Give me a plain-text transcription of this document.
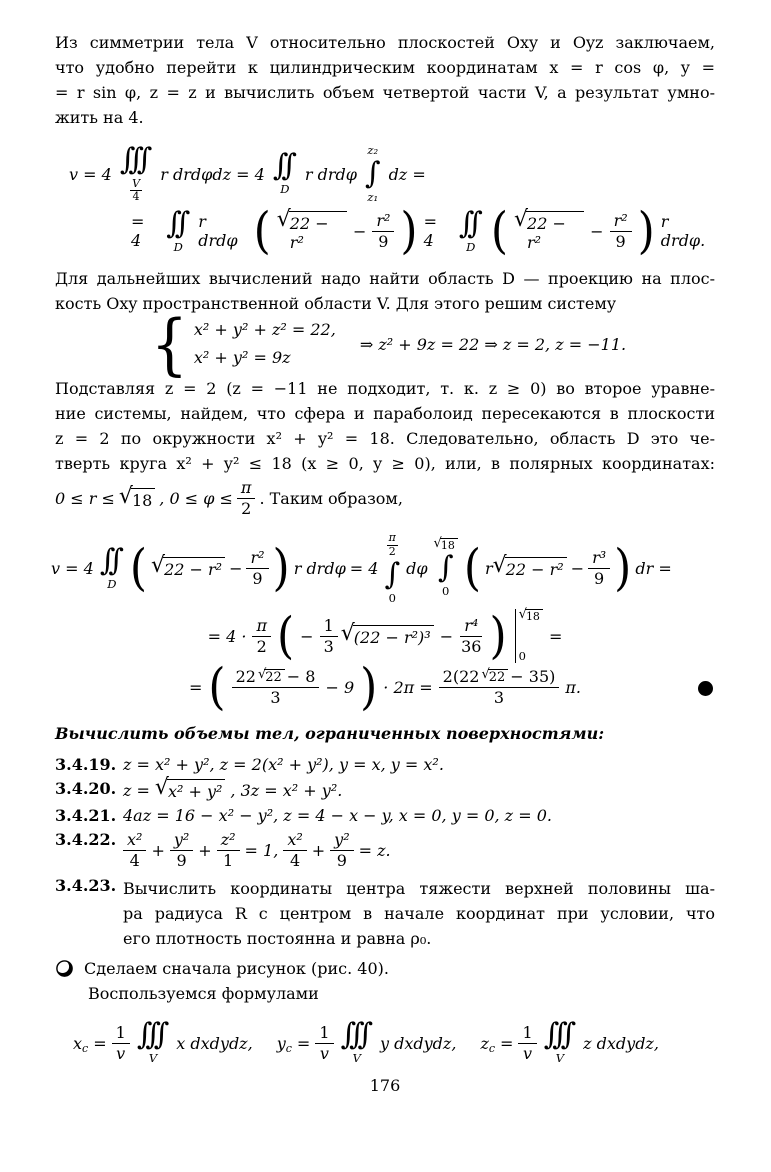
Из симметрии тела V относительно плоскостей Oxy и Oyz заключаем,
что удобно перейти к цилиндрическим координатам x = r cos φ, y =
= r sin φ, z = z и вычислить объем четвертой части V, а результат умно-
жить на 4.
v = 4 ∫∫∫
$\frac{V}{4}$
r drdφdz = 4 ∫∫
D
r drdφ
z₂
∫
z₁
dz =
= 4
∫∫
D
r drdφ ( √ 22 − r²
− $\frac{\text{r²}}{9}$ ) = 4
∫∫
D ( √ 22 − r²
− $\frac{\text{r²}}{9}$ ) r drdφ.
Для дальнейших вычислений надо найти область D — проекцию на плос-
кость Oxy пространственной области V. Для этого решим систему
{ x² + y² + z² = 22,
x² + y² = 9z
⇒ z² + 9z = 22 ⇒ z = 2, z = −11.
Подставляя z = 2 (z = −11 не подходит, т. к. z ≥ 0) во второе уравне-
ние системы, найдем, что сфера и параболоид пересекаются в плоскости
z = 2 по окружности x² + y² = 18. Следовательно, область D это че-
тверть круга x² + y² ≤ 18 (x ≥ 0, y ≥ 0), или, в полярных координатах:
0 ≤ r ≤ √ 18 , $0 \le \varphi \le \frac{\pi}{2}$ . Таким образом,
v = 4 ∫∫
D ( √ $22 - r^2 - \frac{\text{r²}}{9}$ ) r drdφ = 4
$\frac{\pi}{2}$
∫
0
dφ
√ 18
∫
0 ( r √ $22 - r^2 - \frac{\text{r³}}{9}$ ) dr =
= $4 \cdot \frac{\pi}{2}$ ( − $\frac{1}{3}$ √ $(22 - r^2)^3 - \frac{\text{r⁴}}{36}$ ) √ 18
0
=
= ( $\frac{22 √ 22 - 8}{3} - 9$ ) · $2\pi = \frac{2(22 √ 22 - 35)}{3} \pi$.
Вычислить объемы тел, ограниченных поверхностями:
3.4.19. z = x² + y², z = 2(x² + y²), y = x, y = x².
3.4.20. z = √ x² + y² , 3z = x² + y².
3.4.21. 4az = 16 − x² − y², z = 4 − x − y, x = 0, y = 0, z = 0.
3.4.22. $\frac{\text{x²}}{4} + \frac{\text{y²}}{9} + \frac{\text{z²}}{1} = 1$, $\frac{\text{x²}}{4} + \frac{\text{y²}}{9} = z$.
3.4.23. Вычислить координаты центра тяжести верхней половины ша-
ра радиуса R с центром в начале координат при условии, что
его плотность постоянна и равна ρ₀.
Сделаем сначала рисунок (рис. 40).
Воспользуемся формулами
x $c = \frac{1}{v}$ ∫∫∫
V
x dxdydz, y $c = \frac{1}{v}$ ∫∫∫
V
y dxdydz, z $c = \frac{1}{v}$ ∫∫∫
V
z dxdydz,
176
